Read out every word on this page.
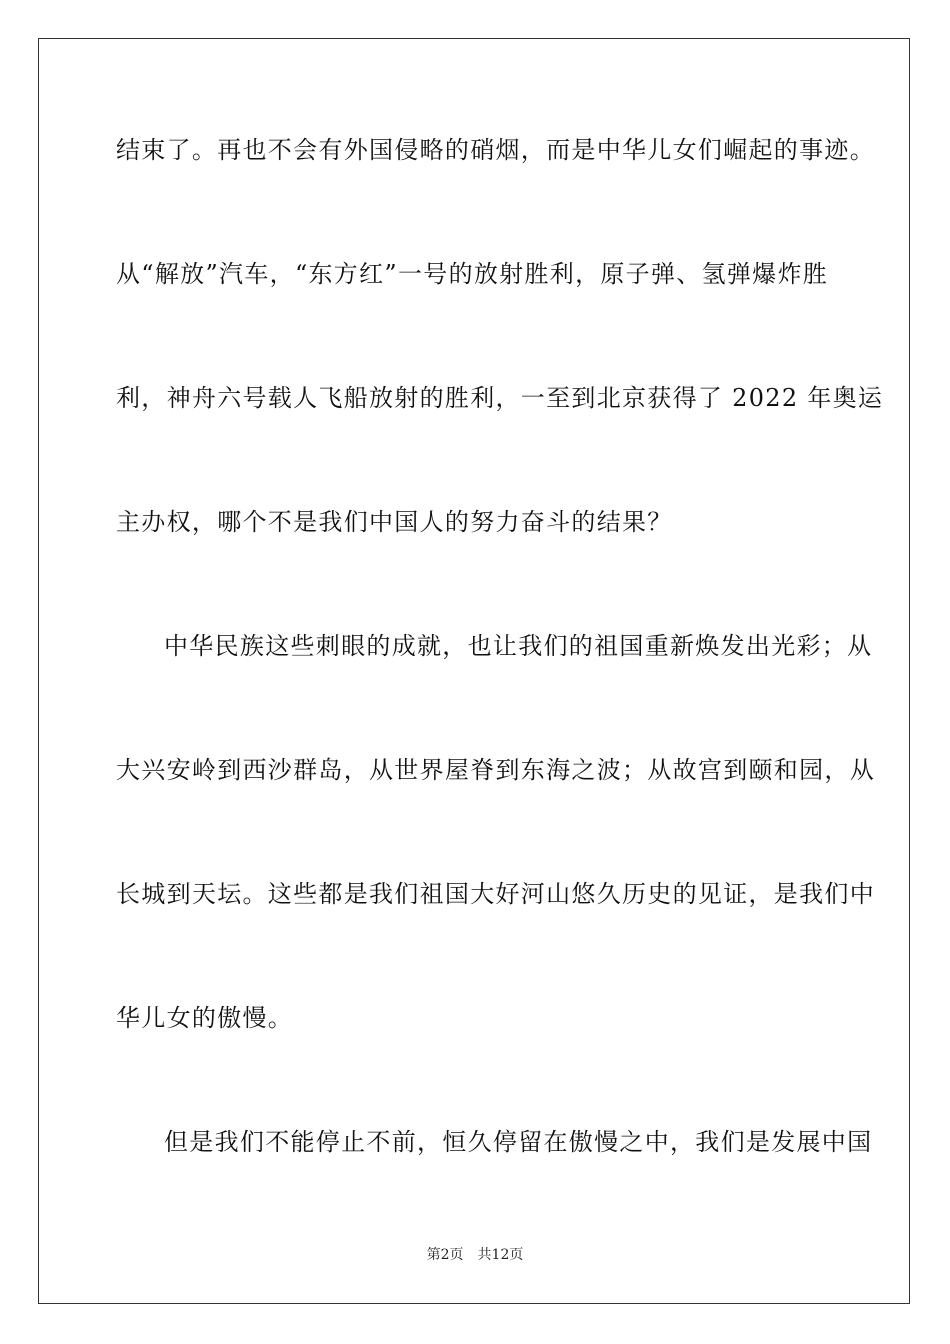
结束了。再也不会有外国侵略的硝烟，而是中华儿女们崛起的事迹。
从“解放”汽车，“东方红”一号的放射胜利，原子弹、氢弹爆炸胜
利，神舟六号载人飞船放射的胜利，一至到北京获得了 2022 年奥运
主办权，哪个不是我们中国人的努力奋斗的结果？
中华民族这些刺眼的成就，也让我们的祖国重新焕发出光彩；从
大兴安岭到西沙群岛，从世界屋脊到东海之波；从故宫到颐和园，从
长城到天坛。这些都是我们祖国大好河山悠久历史的见证，是我们中
华儿女的傲慢。
但是我们不能停止不前，恒久停留在傲慢之中，我们是发展中国
第2页 共12页
